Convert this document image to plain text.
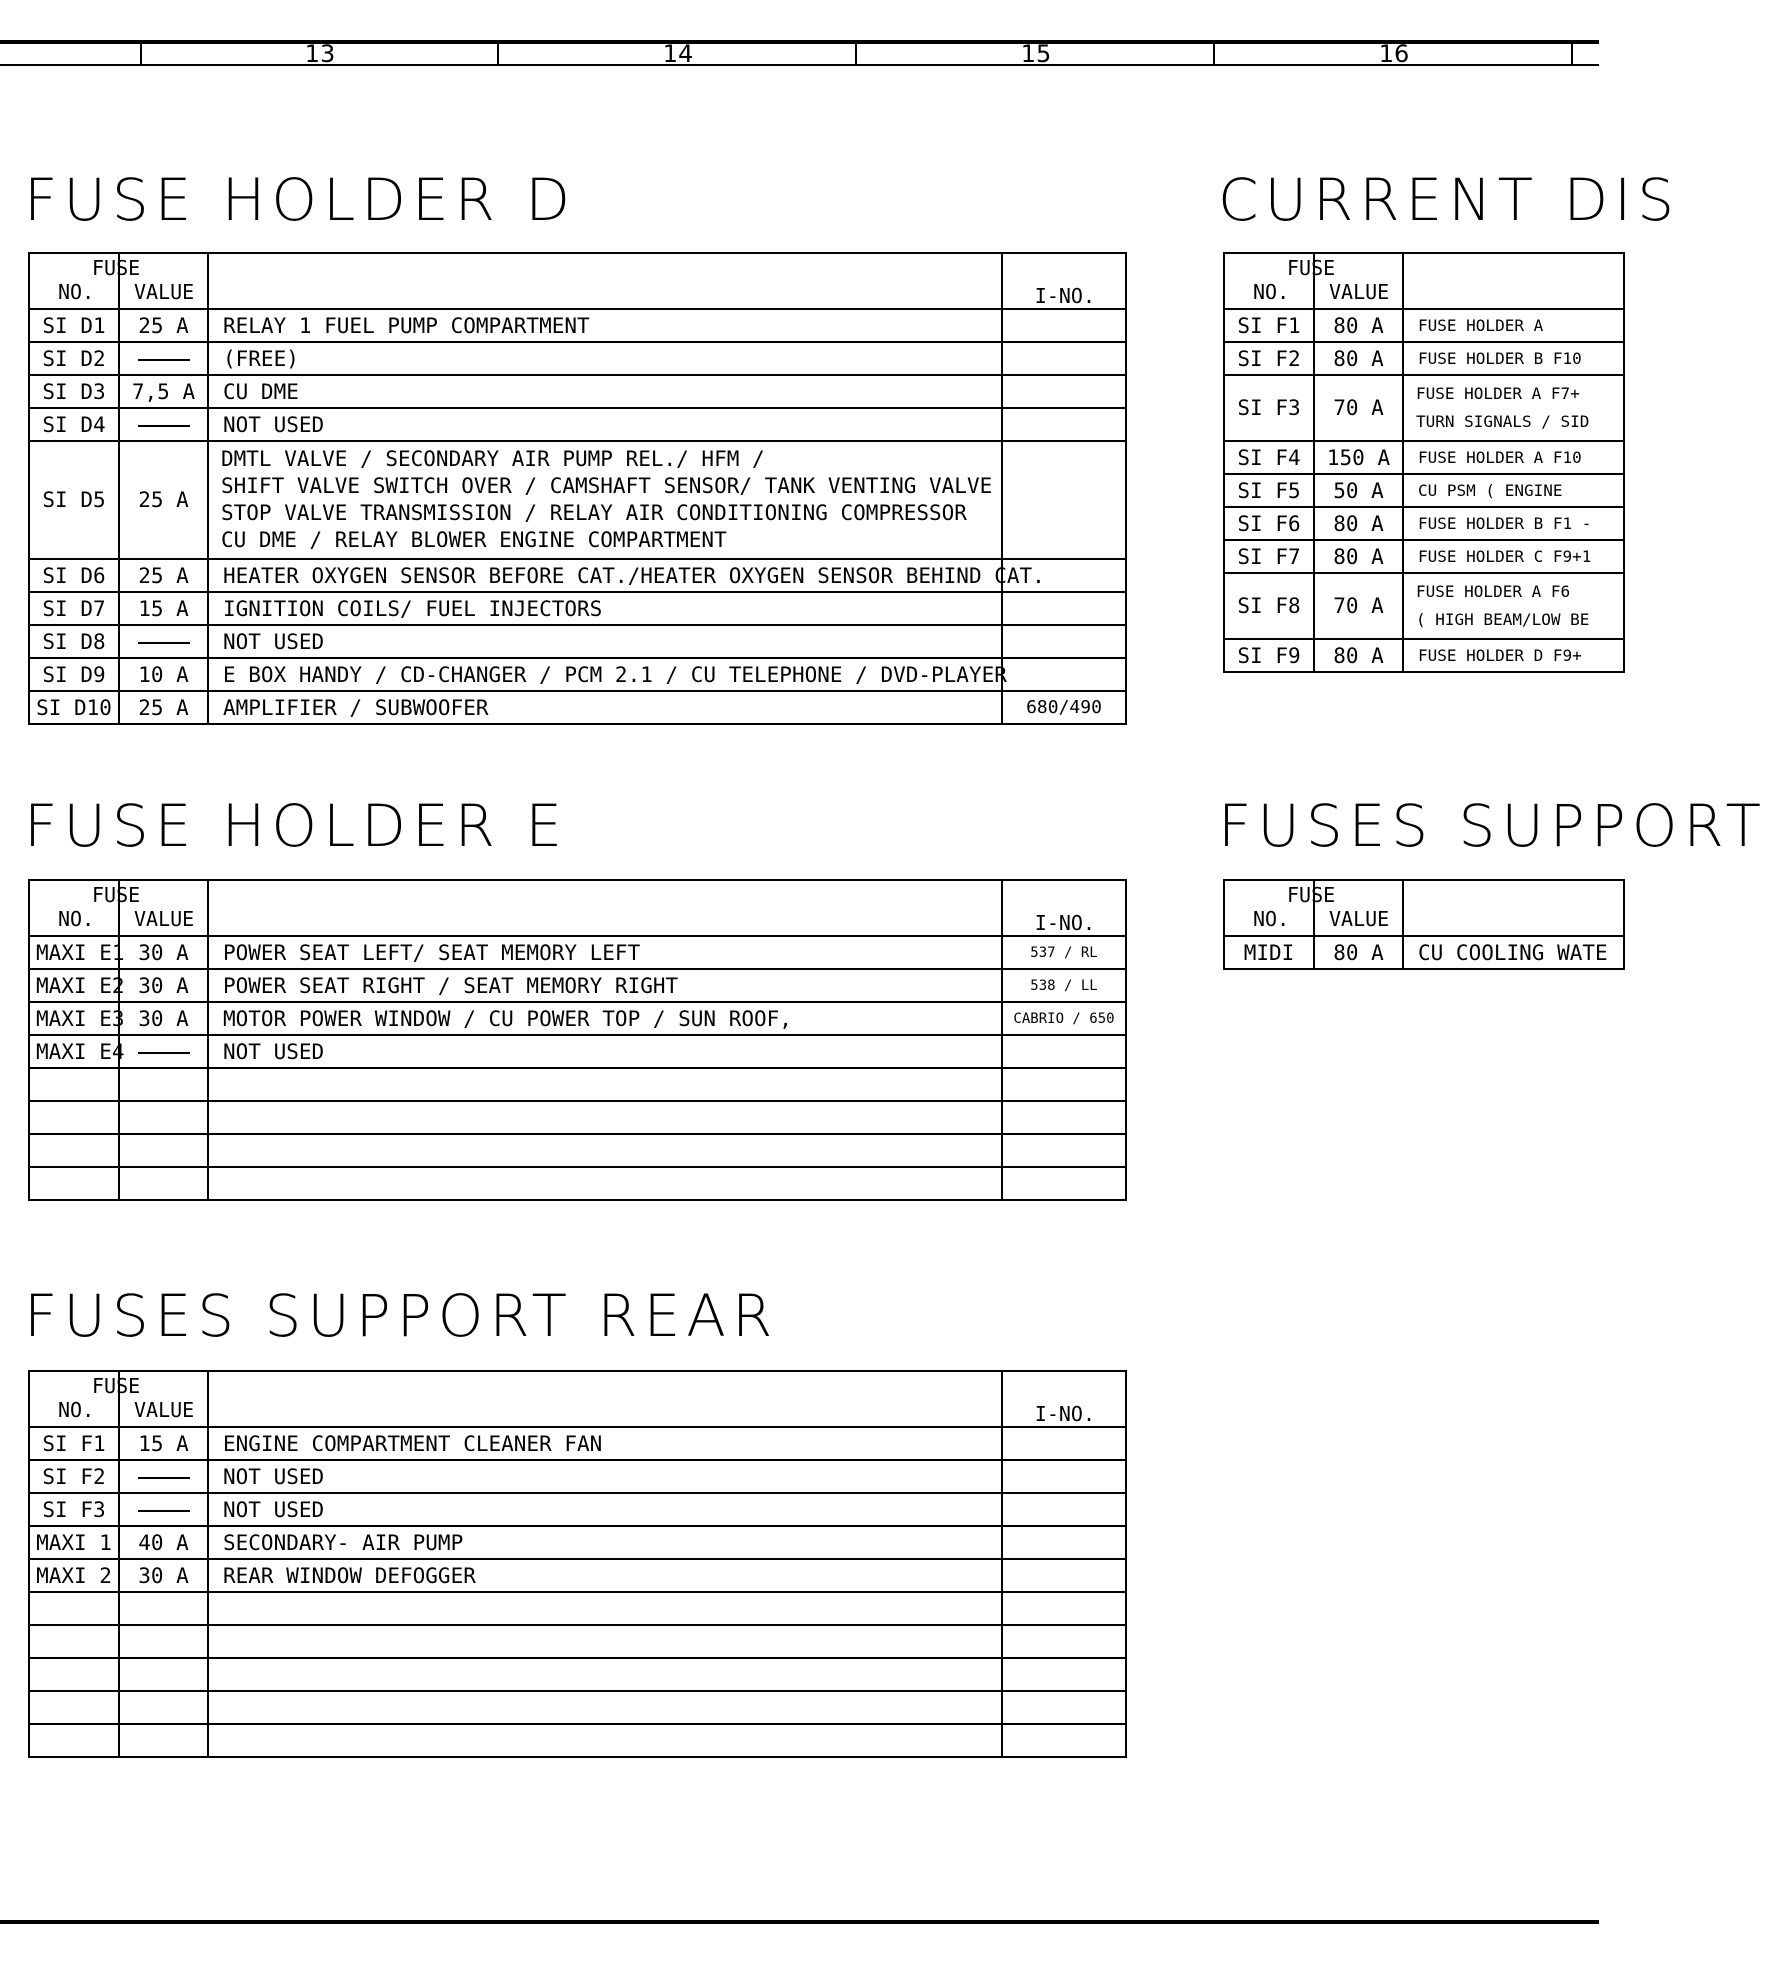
13	14	15	16
FUSE HOLDER D
FUSE
NO.	VALUE		I-NO.
SI D1	25 A	RELAY 1 FUEL PUMP COMPARTMENT	
SI D2		(FREE)	
SI D3	7,5 A	CU DME	
SI D4		NOT USED	
SI D5	25 A	DMTL VALVE / SECONDARY AIR PUMP REL./ HFM /
SHIFT VALVE SWITCH OVER / CAMSHAFT SENSOR/ TANK VENTING VALVE
STOP VALVE TRANSMISSION / RELAY AIR CONDITIONING COMPRESSOR
CU DME / RELAY BLOWER ENGINE COMPARTMENT	

SI D6	25 A	HEATER OXYGEN SENSOR BEFORE CAT./HEATER OXYGEN SENSOR BEHIND CAT.	
SI D7	15 A	IGNITION COILS/ FUEL INJECTORS	
SI D8		NOT USED	
SI D9	10 A	E BOX HANDY / CD-CHANGER / PCM 2.1 / CU TELEPHONE / DVD-PLAYER	
SI D10	25 A	AMPLIFIER / SUBWOOFER	680/490
FUSE HOLDER E
FUSE
NO.	VALUE		I-NO.
MAXI E1	30 A	POWER SEAT LEFT/ SEAT MEMORY LEFT	537 / RL
MAXI E2	30 A	POWER SEAT RIGHT / SEAT MEMORY RIGHT	538 / LL
MAXI E3	30 A	MOTOR POWER WINDOW / CU POWER TOP / SUN ROOF,	CABRIO / 650
MAXI E4		NOT USED	

FUSES SUPPORT REAR
FUSE
NO.	VALUE		I-NO.
SI F1	15 A	ENGINE COMPARTMENT CLEANER FAN	
SI F2		NOT USED	
SI F3		NOT USED	
MAXI 1	40 A	SECONDARY- AIR PUMP	
MAXI 2	30 A	REAR WINDOW DEFOGGER	

CURRENT DIS
FUSE
NO.	VALUE	

SI F1	80 A	FUSE HOLDER A
SI F2	80 A	FUSE HOLDER B F10
SI F3	70 A	FUSE HOLDER A F7+
TURN SIGNALS / SID

SI F4	150 A	FUSE HOLDER A F10
SI F5	50 A	CU PSM ( ENGINE
SI F6	80 A	FUSE HOLDER B F1 -
SI F7	80 A	FUSE HOLDER C F9+1
SI F8	70 A	FUSE HOLDER A F6
( HIGH BEAM/LOW BE

SI F9	80 A	FUSE HOLDER D F9+
FUSES SUPPORT
FUSE
NO.	VALUE	

MIDI	80 A	CU COOLING WATE
